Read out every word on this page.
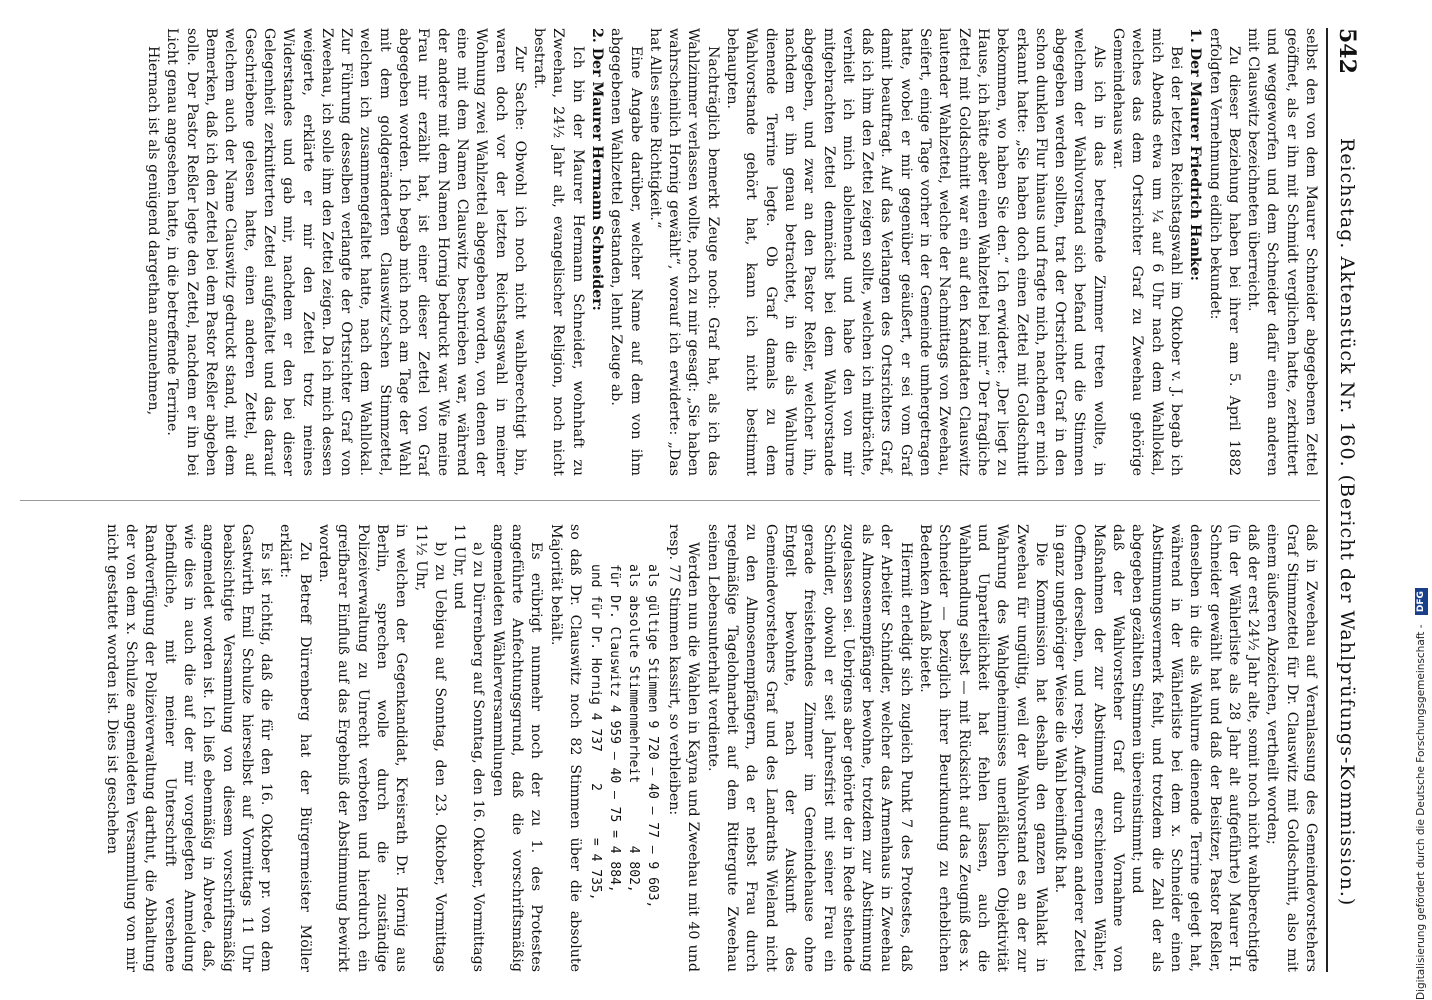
542
Reichstag. Aktenstück Nr. 160. (Bericht der Wahlprüfungs-Kommission.)

selbst den von dem Maurer Schneider abgegebenen Zettel geöffnet, als er ihn mit Schmidt verglichen hatte, zerknittert und weggeworfen und dem Schneider dafür einen anderen mit Clauswitz bezeichneten überreicht.

Zu dieser Beziehung haben bei ihrer am 5. April 1882 erfolgten Vernehmung eidlich bekundet:

1. Der Maurer Friedrich Hanke:

Bei der letzten Reichstagswahl im Oktober v. J. begab ich mich Abends etwa um ¼ auf 6 Uhr nach dem Wahllokal, welches das dem Ortsrichter Graf zu Zweehau gehörige Gemeindehaus war.

Als ich in das betreffende Zimmer treten wollte, in welchem der Wahlvorstand sich befand und die Stimmen abgegeben werden sollten, trat der Ortsrichter Graf in den schon dunklen Flur hinaus und fragte mich, nachdem er mich erkannt hatte: „Sie haben doch einen Zettel mit Goldschnitt bekommen, wo haben Sie den.“ Ich erwiderte: „Der liegt zu Hause, ich hätte aber einen Wahlzettel bei mir.“ Der fragliche Zettel mit Goldschnitt war ein auf den Kandidaten Clauswitz lautender Wahlzettel, welche der Nachmittags von Zweehau, Seifert, einige Tage vorher in der Gemeinde umhergetragen hatte, wobei er mir gegenüber geäußert, er sei vom Graf damit beauftragt. Auf das Verlangen des Ortsrichters Graf, daß ich ihm den Zettel zeigen sollte, welchen ich mitbrächte, verhielt ich mich ablehnend und habe den von mir mitgebrachten Zettel demnächst bei dem Wahlvorstande abgegeben, und zwar an den Pastor Reßler, welcher ihn, nachdem er ihn genau betrachtet, in die als Wahlurne dienende Terrine legte. Ob Graf damals zu dem Wahlvorstande gehört hat, kann ich nicht bestimmt behaupten.

Nachträglich bemerkt Zeuge noch: Graf hat, als ich das Wahlzimmer verlassen wollte, noch zu mir gesagt: „Sie haben wahrscheinlich Hornig gewählt“, worauf ich erwiderte: „Das hat Alles seine Richtigkeit.“

Eine Angabe darüber, welcher Name auf dem von ihm abgegebenen Wahlzettel gestanden, lehnt Zeuge ab.

2. Der Maurer Hermann Schneider:

Ich bin der Maurer Hermann Schneider, wohnhaft zu Zweehau, 24½ Jahr alt, evangelischer Religion, noch nicht bestraft.

Zur Sache: Obwohl ich noch nicht wahlberechtigt bin, waren doch vor der letzten Reichstagswahl in meiner Wohnung zwei Wahlzettel abgegeben worden, von denen der eine mit dem Namen Clauswitz beschrieben war, während der andere mit dem Namen Hornig bedruckt war. Wie meine Frau mir erzählt hat, ist einer dieser Zettel von Graf abgegeben worden. Ich begab mich noch am Tage der Wahl mit dem goldgeränderten Clauswitz'schen Stimmzettel, welchen ich zusammengefaltet hatte, nach dem Wahllokal. Zur Führung desselben verlangte der Ortsrichter Graf von Zweehau, ich solle ihm den Zettel zeigen. Da ich mich dessen weigerte, erklärte er mir den Zettel trotz meines Widerstandes und gab mir, nachdem er den bei dieser Gelegenheit zerknitterten Zettel aufgefaltet und das darauf Geschriebene gelesen hatte, einen anderen Zettel, auf welchem auch der Name Clauswitz gedruckt stand, mit dem Bemerken, daß ich den Zettel bei dem Pastor Reßler abgeben solle. Der Pastor Reßler legte den Zettel, nachdem er ihn bei Licht genau angesehen hatte, in die betreffende Terrine.

Hiernach ist als genügend dargethan anzunehmen,

daß in Zweehau auf Veranlassung des Gemeindevorstehers Graf Stimmzettel für Dr. Clauswitz mit Goldschnitt, also mit einem äußeren Abzeichen, vertheilt worden;

daß der erst 24½ Jahr alte, somit noch nicht wahlberechtigte (in der Wählerliste als 28 Jahr alt aufgeführte) Maurer H. Schneider gewählt hat und daß der Beisitzer, Pastor Reßler, denselben in die als Wahlurne dienende Terrine gelegt hat, während in der Wählerliste bei dem x. Schneider einen Abstimmungsvermerk fehlt, und trotzdem die Zahl der als abgegeben gezählten Stimmen übereinstimmt; und

daß der Wahlvorsteher Graf durch Vornahme von Maßnahmen der zur Abstimmung erschienenen Wähler, Oeffnen derselben, und resp. Aufforderungen anderer Zettel in ganz ungehöriger Weise die Wahl beeinflußt hat.

Die Kommission hat deshalb den ganzen Wahlakt in Zweehau für ungültig, weil der Wahlvorstand es an der zur Wahrung des Wahlgeheimnisses unerläßlichen Objektivität und Unparteilichkeit hat fehlen lassen, auch die Wahlhandlung selbst — mit Rücksicht auf das Zeugniß des x. Schneider — bezüglich ihrer Beurkundung zu erheblichen Bedenken Anlaß bietet.

Hiermit erledigt sich zugleich Punkt 7 des Protestes, daß der Arbeiter Schindler, welcher das Armenhaus in Zweehau als Almosenempfänger bewohne, trotzdem zur Abstimmung zugelassen sei. Uebrigens aber gehörte der in Rede stehende Schindler, obwohl er seit Jahresfrist mit seiner Frau ein gerade freistehendes Zimmer im Gemeindehause ohne Entgelt bewohnte, nach der Auskunft des Gemeindevorstehers Graf und des Landraths Wieland nicht zu den Almosenempfängern, da er nebst Frau durch regelmäßige Tagelohnarbeit auf dem Rittergute Zweehau seinen Lebensunterhalt verdiente.

Werden nun die Wahlen in Kayna und Zweehau mit 40 und resp. 77 Stimmen kassirt, so verbleiben:

als gültige Stimmen 9 720 — 40 — 77 — 9 603,
als absolute Stimmenmehrheit        4 802,
für Dr. Clauswitz 4 959 — 40 — 75 = 4 884,
und für Dr. Hornig 4 737    2      = 4 735,

so daß Dr. Clauswitz noch 82 Stimmen über die absolute Majorität behält.

Es erübrigt nunmehr noch der zu 1. des Protestes angeführte Anfechtungsgrund, daß die vorschriftsmäßig angemeldeten Wählerversammlungen

a) zu Dürrenberg auf Sonntag, den 16. Oktober, Vormittags 11 Uhr, und

b) zu Uebigau auf Sonntag, den 23. Oktober, Vormittags 11½ Uhr,

in welchen der Gegenkandidat, Kreisrath Dr. Hornig aus Berlin, sprechen wolle durch die zuständige Polizeiverwaltung zu Unrecht verboten und hierdurch ein greifbarer Einfluß auf das Ergebniß der Abstimmung bewirkt worden.

Zu Betreff Dürrenberg hat der Bürgermeister Möller erklärt:

Es ist richtig, daß die für den 16. Oktober pr. von dem Gastwirth Emil Schulze hierselbst auf Vormittags 11 Uhr beabsichtigte Versammlung von diesem vorschriftsmäßig angemeldet worden ist. Ich ließ ebenmäßig in Abrede, daß, wie dies in auch die auf der mir vorgelegten Anmeldung befindliche, mit meiner Unterschrift versehene Randverfügung der Polizeiverwaltung darthut, die Abhaltung der von dem x. Schulze angemeldeten Versammlung von mir nicht gestattet worden ist. Dies ist geschehen	Digitalisierung gefördert durch die Deutsche Forschungsgemeinschaft - DFG
